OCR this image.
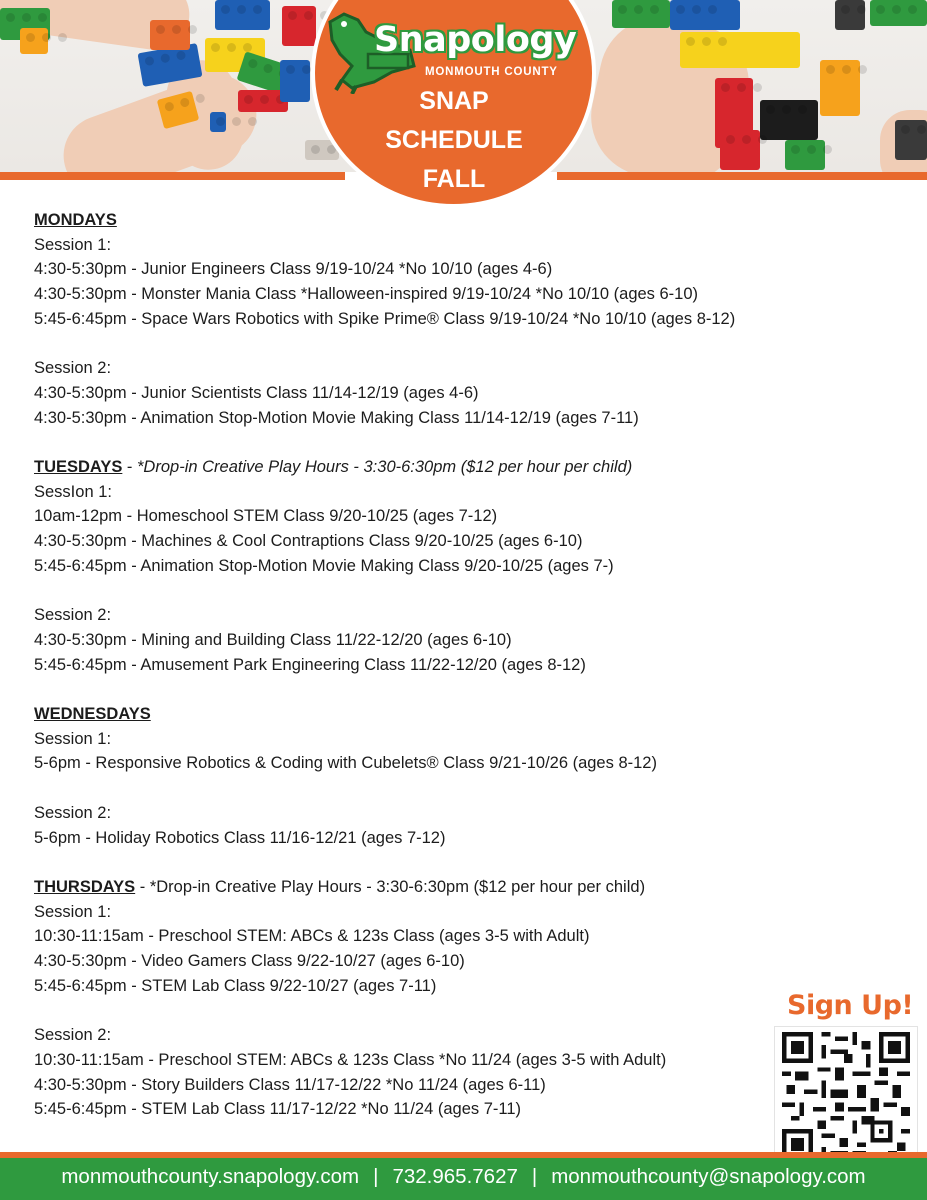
Snapology
MONMOUTH COUNTY
SNAP
SCHEDULE
FALL
MONDAYS
Session 1:
4:30-5:30pm - Junior Engineers Class 9/19-10/24 *No 10/10 (ages 4-6)
4:30-5:30pm - Monster Mania Class *Halloween-inspired 9/19-10/24 *No 10/10 (ages 6-10)
5:45-6:45pm - Space Wars Robotics with Spike Prime® Class 9/19-10/24 *No 10/10 (ages 8-12)
Session 2:
4:30-5:30pm - Junior Scientists Class 11/14-12/19 (ages 4-6)
4:30-5:30pm - Animation Stop-Motion Movie Making Class 11/14-12/19 (ages 7-11)
TUESDAYS - *Drop-in Creative Play Hours - 3:30-6:30pm ($12 per hour per child)
SessIon 1:
10am-12pm - Homeschool STEM Class 9/20-10/25 (ages 7-12)
4:30-5:30pm - Machines & Cool Contraptions Class 9/20-10/25 (ages 6-10)
5:45-6:45pm - Animation Stop-Motion Movie Making Class 9/20-10/25 (ages 7-)
Session 2:
4:30-5:30pm - Mining and Building Class 11/22-12/20 (ages 6-10)
5:45-6:45pm - Amusement Park Engineering Class 11/22-12/20 (ages 8-12)
WEDNESDAYS
Session 1:
5-6pm - Responsive Robotics & Coding with Cubelets® Class 9/21-10/26 (ages 8-12)
Session 2:
5-6pm - Holiday Robotics Class 11/16-12/21 (ages 7-12)
THURSDAYS - *Drop-in Creative Play Hours - 3:30-6:30pm ($12 per hour per child)
Session 1:
10:30-11:15am - Preschool STEM: ABCs & 123s Class (ages 3-5 with Adult)
4:30-5:30pm - Video Gamers Class 9/22-10/27 (ages 6-10)
5:45-6:45pm - STEM Lab Class 9/22-10/27 (ages 7-11)
Session 2:
10:30-11:15am - Preschool STEM: ABCs & 123s Class *No 11/24 (ages 3-5 with Adult)
4:30-5:30pm - Story Builders Class 11/17-12/22 *No 11/24 (ages 6-11)
5:45-6:45pm - STEM Lab Class 11/17-12/22 *No 11/24 (ages 7-11)
Sign Up!
monmouthcounty.snapology.com | 732.965.7627 | monmouthcounty@snapology.com
